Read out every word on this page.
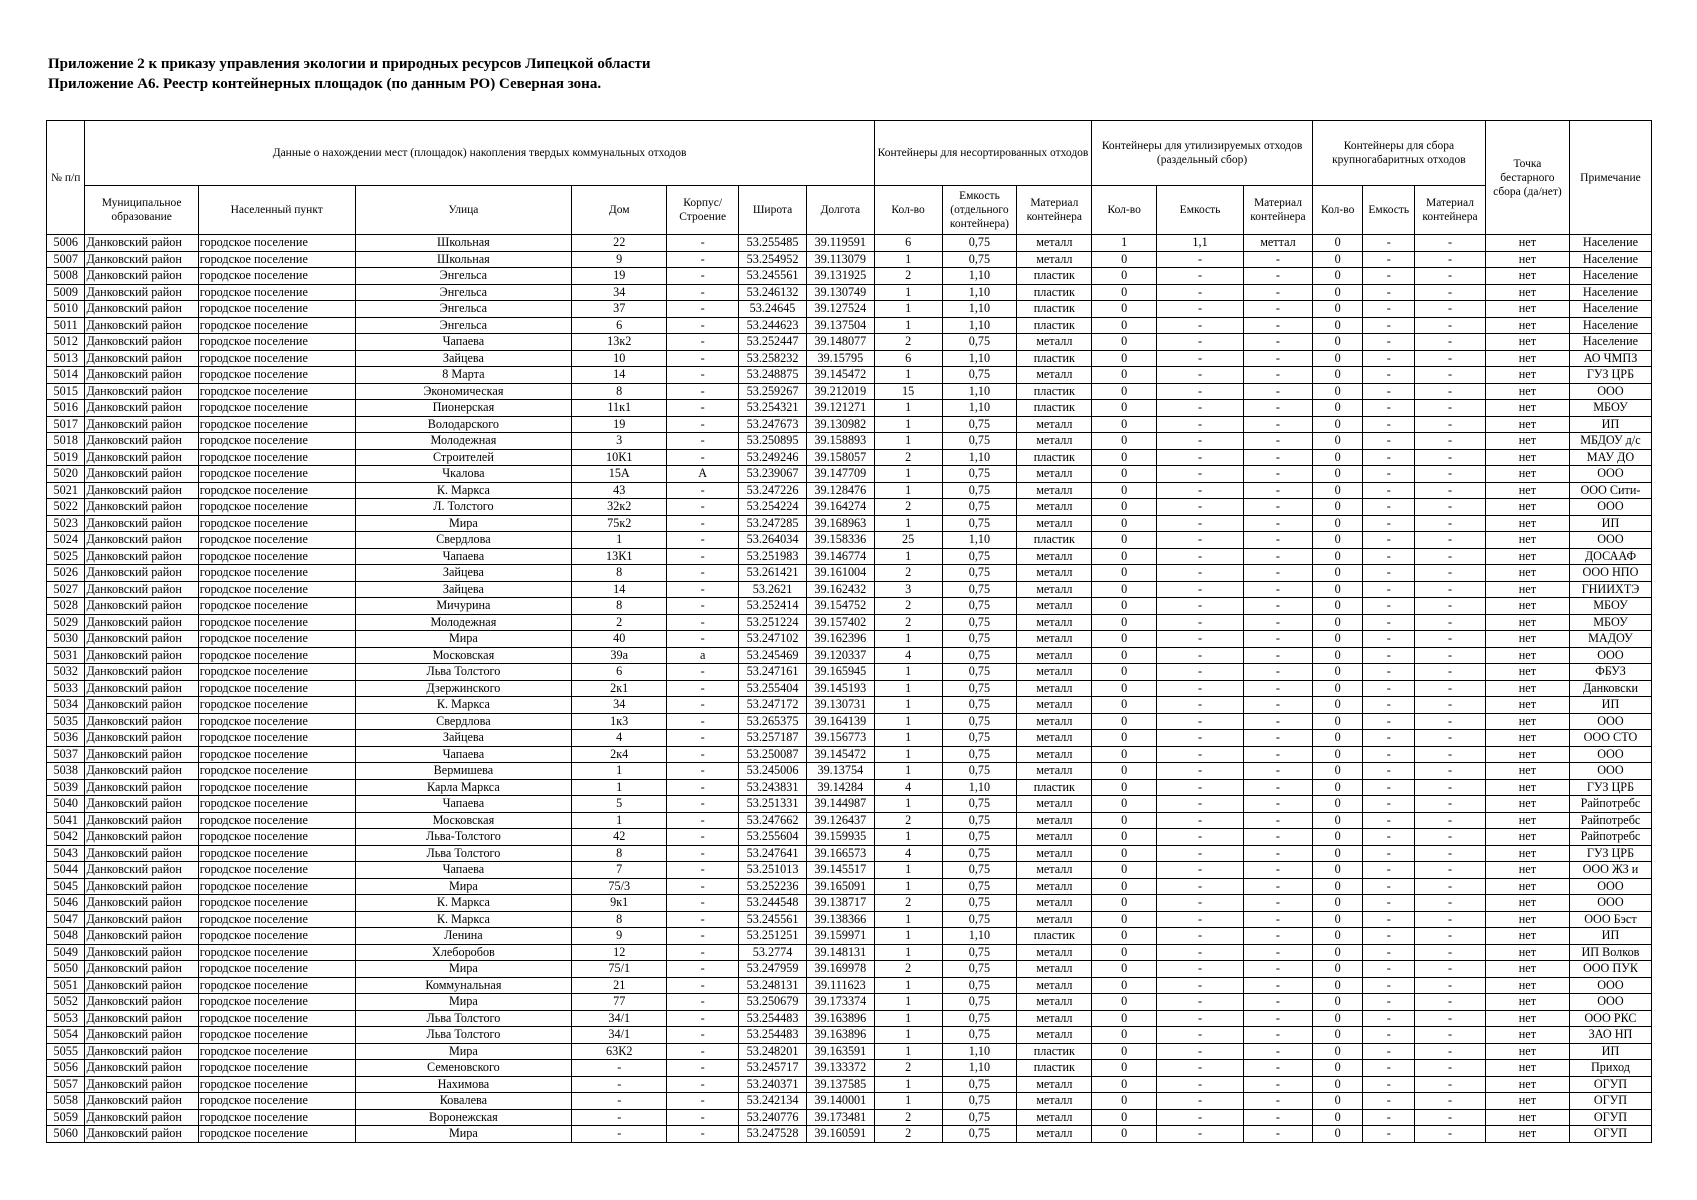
Приложение 2 к приказу управления экологии и природных ресурсов Липецкой области
Приложение А6. Реестр контейнерных площадок (по данным РО) Северная зона.
№ п/п	Данные о нахождении мест (площадок) накопления твердых коммунальных отходов							Контейнеры для несортированных отходов			Контейнеры для утилизируемых отходов (раздельный сбор)			Контейнеры для сбора крупногабаритных отходов			Точка бестарного сбора (да/нет)	Примечание
	Муниципальное образование	Населенный пункт	Улица	Дом	Корпус/ Строение	Широта	Долгота	Кол-во	Емкость (отдельного контейнера)	Материал контейнера	Кол-во	Емкость	Материал контейнера	Кол-во	Емкость	Материал контейнера		
5006	Данковский район	городское поселение	Школьная	22	-	53.255485	39.119591	6	0,75	металл	1	1,1	меттал	0	-	-	нет	Население
5007	Данковский район	городское поселение	Школьная	9	-	53.254952	39.113079	1	0,75	металл	0	-	-	0	-	-	нет	Население
5008	Данковский район	городское поселение	Энгельса	19	-	53.245561	39.131925	2	1,10	пластик	0	-	-	0	-	-	нет	Население
5009	Данковский район	городское поселение	Энгельса	34	-	53.246132	39.130749	1	1,10	пластик	0	-	-	0	-	-	нет	Население
5010	Данковский район	городское поселение	Энгельса	37	-	53.24645	39.127524	1	1,10	пластик	0	-	-	0	-	-	нет	Население
5011	Данковский район	городское поселение	Энгельса	6	-	53.244623	39.137504	1	1,10	пластик	0	-	-	0	-	-	нет	Население
5012	Данковский район	городское поселение	Чапаева	13к2	-	53.252447	39.148077	2	0,75	металл	0	-	-	0	-	-	нет	Население
5013	Данковский район	городское поселение	Зайцева	10	-	53.258232	39.15795	6	1,10	пластик	0	-	-	0	-	-	нет	АО ЧМПЗ
5014	Данковский район	городское поселение	8 Марта	14	-	53.248875	39.145472	1	0,75	металл	0	-	-	0	-	-	нет	ГУЗ ЦРБ
5015	Данковский район	городское поселение	Экономическая	8	-	53.259267	39.212019	15	1,10	пластик	0	-	-	0	-	-	нет	ООО
5016	Данковский район	городское поселение	Пионерская	11к1	-	53.254321	39.121271	1	1,10	пластик	0	-	-	0	-	-	нет	МБОУ
5017	Данковский район	городское поселение	Володарского	19	-	53.247673	39.130982	1	0,75	металл	0	-	-	0	-	-	нет	ИП
5018	Данковский район	городское поселение	Молодежная	3	-	53.250895	39.158893	1	0,75	металл	0	-	-	0	-	-	нет	МБДОУ д/с
5019	Данковский район	городское поселение	Строителей	10К1	-	53.249246	39.158057	2	1,10	пластик	0	-	-	0	-	-	нет	МАУ ДО
5020	Данковский район	городское поселение	Чкалова	15А	А	53.239067	39.147709	1	0,75	металл	0	-	-	0	-	-	нет	ООО
5021	Данковский район	городское поселение	К. Маркса	43	-	53.247226	39.128476	1	0,75	металл	0	-	-	0	-	-	нет	ООО Сити-
5022	Данковский район	городское поселение	Л. Толстого	32к2	-	53.254224	39.164274	2	0,75	металл	0	-	-	0	-	-	нет	ООО
5023	Данковский район	городское поселение	Мира	75к2	-	53.247285	39.168963	1	0,75	металл	0	-	-	0	-	-	нет	ИП
5024	Данковский район	городское поселение	Свердлова	1	-	53.264034	39.158336	25	1,10	пластик	0	-	-	0	-	-	нет	ООО
5025	Данковский район	городское поселение	Чапаева	13К1	-	53.251983	39.146774	1	0,75	металл	0	-	-	0	-	-	нет	ДОСААФ
5026	Данковский район	городское поселение	Зайцева	8	-	53.261421	39.161004	2	0,75	металл	0	-	-	0	-	-	нет	ООО НПО
5027	Данковский район	городское поселение	Зайцева	14	-	53.2621	39.162432	3	0,75	металл	0	-	-	0	-	-	нет	ГНИИХТЭ
5028	Данковский район	городское поселение	Мичурина	8	-	53.252414	39.154752	2	0,75	металл	0	-	-	0	-	-	нет	МБОУ
5029	Данковский район	городское поселение	Молодежная	2	-	53.251224	39.157402	2	0,75	металл	0	-	-	0	-	-	нет	МБОУ
5030	Данковский район	городское поселение	Мира	40	-	53.247102	39.162396	1	0,75	металл	0	-	-	0	-	-	нет	МАДОУ
5031	Данковский район	городское поселение	Московская	39а	а	53.245469	39.120337	4	0,75	металл	0	-	-	0	-	-	нет	ООО
5032	Данковский район	городское поселение	Льва Толстого	6	-	53.247161	39.165945	1	0,75	металл	0	-	-	0	-	-	нет	ФБУЗ
5033	Данковский район	городское поселение	Дзержинского	2к1	-	53.255404	39.145193	1	0,75	металл	0	-	-	0	-	-	нет	Данковски
5034	Данковский район	городское поселение	К. Маркса	34	-	53.247172	39.130731	1	0,75	металл	0	-	-	0	-	-	нет	ИП
5035	Данковский район	городское поселение	Свердлова	1к3	-	53.265375	39.164139	1	0,75	металл	0	-	-	0	-	-	нет	ООО
5036	Данковский район	городское поселение	Зайцева	4	-	53.257187	39.156773	1	0,75	металл	0	-	-	0	-	-	нет	ООО СТО
5037	Данковский район	городское поселение	Чапаева	2к4	-	53.250087	39.145472	1	0,75	металл	0	-	-	0	-	-	нет	ООО
5038	Данковский район	городское поселение	Вермишева	1	-	53.245006	39.13754	1	0,75	металл	0	-	-	0	-	-	нет	ООО
5039	Данковский район	городское поселение	Карла Маркса	1	-	53.243831	39.14284	4	1,10	пластик	0	-	-	0	-	-	нет	ГУЗ ЦРБ
5040	Данковский район	городское поселение	Чапаева	5	-	53.251331	39.144987	1	0,75	металл	0	-	-	0	-	-	нет	Райпотребс
5041	Данковский район	городское поселение	Московская	1	-	53.247662	39.126437	2	0,75	металл	0	-	-	0	-	-	нет	Райпотребс
5042	Данковский район	городское поселение	Льва-Толстого	42	-	53.255604	39.159935	1	0,75	металл	0	-	-	0	-	-	нет	Райпотребс
5043	Данковский район	городское поселение	Льва Толстого	8	-	53.247641	39.166573	4	0,75	металл	0	-	-	0	-	-	нет	ГУЗ ЦРБ
5044	Данковский район	городское поселение	Чапаева	7	-	53.251013	39.145517	1	0,75	металл	0	-	-	0	-	-	нет	ООО ЖЗ и
5045	Данковский район	городское поселение	Мира	75/3	-	53.252236	39.165091	1	0,75	металл	0	-	-	0	-	-	нет	ООО
5046	Данковский район	городское поселение	К. Маркса	9к1	-	53.244548	39.138717	2	0,75	металл	0	-	-	0	-	-	нет	ООО
5047	Данковский район	городское поселение	К. Маркса	8	-	53.245561	39.138366	1	0,75	металл	0	-	-	0	-	-	нет	ООО Бэст
5048	Данковский район	городское поселение	Ленина	9	-	53.251251	39.159971	1	1,10	пластик	0	-	-	0	-	-	нет	ИП
5049	Данковский район	городское поселение	Хлеборобов	12	-	53.2774	39.148131	1	0,75	металл	0	-	-	0	-	-	нет	ИП Волков
5050	Данковский район	городское поселение	Мира	75/1	-	53.247959	39.169978	2	0,75	металл	0	-	-	0	-	-	нет	ООО ПУК
5051	Данковский район	городское поселение	Коммунальная	21	-	53.248131	39.111623	1	0,75	металл	0	-	-	0	-	-	нет	ООО
5052	Данковский район	городское поселение	Мира	77	-	53.250679	39.173374	1	0,75	металл	0	-	-	0	-	-	нет	ООО
5053	Данковский район	городское поселение	Льва Толстого	34/1	-	53.254483	39.163896	1	0,75	металл	0	-	-	0	-	-	нет	ООО РКС
5054	Данковский район	городское поселение	Льва Толстого	34/1	-	53.254483	39.163896	1	0,75	металл	0	-	-	0	-	-	нет	ЗАО НП
5055	Данковский район	городское поселение	Мира	63К2	-	53.248201	39.163591	1	1,10	пластик	0	-	-	0	-	-	нет	ИП
5056	Данковский район	городское поселение	Семеновского	-	-	53.245717	39.133372	2	1,10	пластик	0	-	-	0	-	-	нет	Приход
5057	Данковский район	городское поселение	Нахимова	-	-	53.240371	39.137585	1	0,75	металл	0	-	-	0	-	-	нет	ОГУП
5058	Данковский район	городское поселение	Ковалева	-	-	53.242134	39.140001	1	0,75	металл	0	-	-	0	-	-	нет	ОГУП
5059	Данковский район	городское поселение	Воронежская	-	-	53.240776	39.173481	2	0,75	металл	0	-	-	0	-	-	нет	ОГУП
5060	Данковский район	городское поселение	Мира	-	-	53.247528	39.160591	2	0,75	металл	0	-	-	0	-	-	нет	ОГУП
